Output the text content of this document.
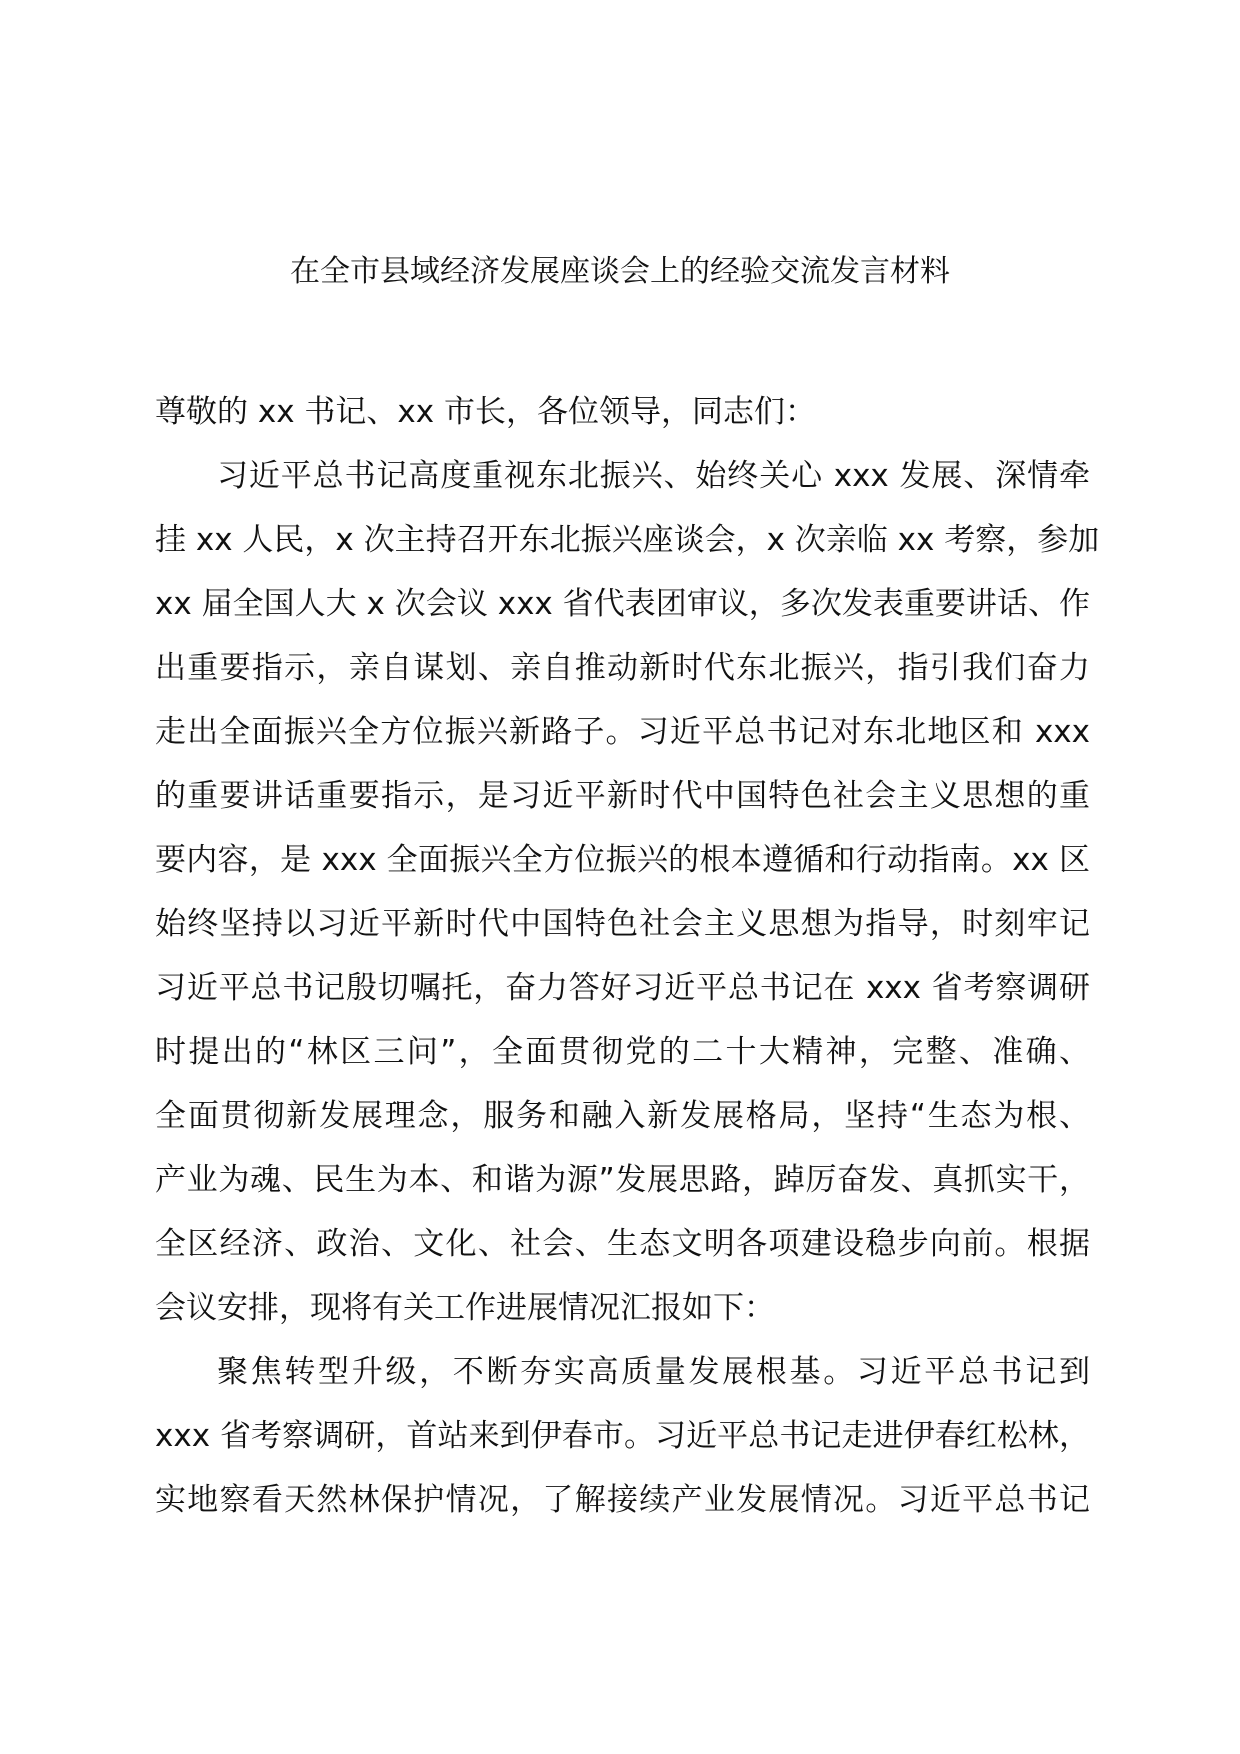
在全市县域经济发展座谈会上的经验交流发言材料
尊敬的 xx 书记、xx 市长，各位领导，同志们：
习近平总书记高度重视东北振兴、始终关心 xxx 发展、深情牵
挂 xx 人民，x 次主持召开东北振兴座谈会，x 次亲临 xx 考察，参加
xx 届全国人大 x 次会议 xxx 省代表团审议，多次发表重要讲话、作
出重要指示，亲自谋划、亲自推动新时代东北振兴，指引我们奋力
走出全面振兴全方位振兴新路子。习近平总书记对东北地区和 xxx
的重要讲话重要指示，是习近平新时代中国特色社会主义思想的重
要内容，是 xxx 全面振兴全方位振兴的根本遵循和行动指南。xx 区
始终坚持以习近平新时代中国特色社会主义思想为指导，时刻牢记
习近平总书记殷切嘱托，奋力答好习近平总书记在 xxx 省考察调研
时提出的“林区三问”，全面贯彻党的二十大精神，完整、准确、
全面贯彻新发展理念，服务和融入新发展格局，坚持“生态为根、
产业为魂、民生为本、和谐为源”发展思路，踔厉奋发、真抓实干，
全区经济、政治、文化、社会、生态文明各项建设稳步向前。根据
会议安排，现将有关工作进展情况汇报如下：
聚焦转型升级，不断夯实高质量发展根基。习近平总书记到
xxx 省考察调研，首站来到伊春市。习近平总书记走进伊春红松林，
实地察看天然林保护情况，了解接续产业发展情况。习近平总书记
